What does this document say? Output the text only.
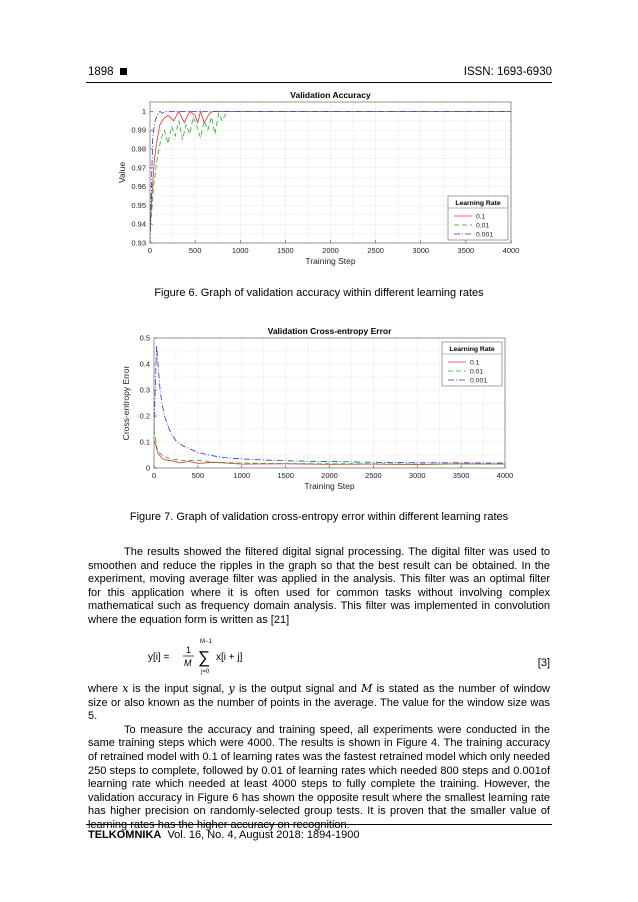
1898	ISSN: 1693-6930
Validation Accuracy
0	500	1000	1500	2000	2500	3000	3500	4000
0.93
0.94
0.95
0.96
0.97
0.98
0.99
1
Training Step
Value
Learning Rate
0.1
0.01
0.001
Figure 6. Graph of validation accuracy within different learning rates
Validation Cross-entropy Error
0	500	1000	1500	2000	2500	3000	3500	4000
0
0.1
0.2
0.3
0.4
0.5
Training Step
Cross-entropy Error
Learning Rate
0.1
0.01
0.001
Figure 7. Graph of validation cross-entropy error within different learning rates

The results showed the filtered digital signal processing. The digital filter was used to smoothen and reduce the ripples in the graph so that the best result can be obtained. In the experiment, moving average filter was applied in the analysis. This filter was an optimal filter for this application where it is often used for common tasks without involving complex mathematical such as frequency domain analysis. This filter was implemented in convolution where the equation form is written as [21]

y[i] =
1
M
M−1
∑
j=0
x[i + j]	[3]

where x is the input signal, y is the output signal and M is stated as the number of window size or also known as the number of points in the average. The value for the window size was 5.

To measure the accuracy and training speed, all experiments were conducted in the same training steps which were 4000. The results is shown in Figure 4. The training accuracy of retrained model with 0.1 of learning rates was the fastest retrained model which only needed 250 steps to complete, followed by 0.01 of learning rates which needed 800 steps and 0.001of learning rate which needed at least 4000 steps to fully complete the training. However, the validation accuracy in Figure 6 has shown the opposite result where the smallest learning rate has higher precision on randomly-selected group tests. It is proven that the smaller value of learning rates has the higher accuracy on recognition.

TELKOMNIKA Vol. 16, No. 4, August 2018: 1894-1900
